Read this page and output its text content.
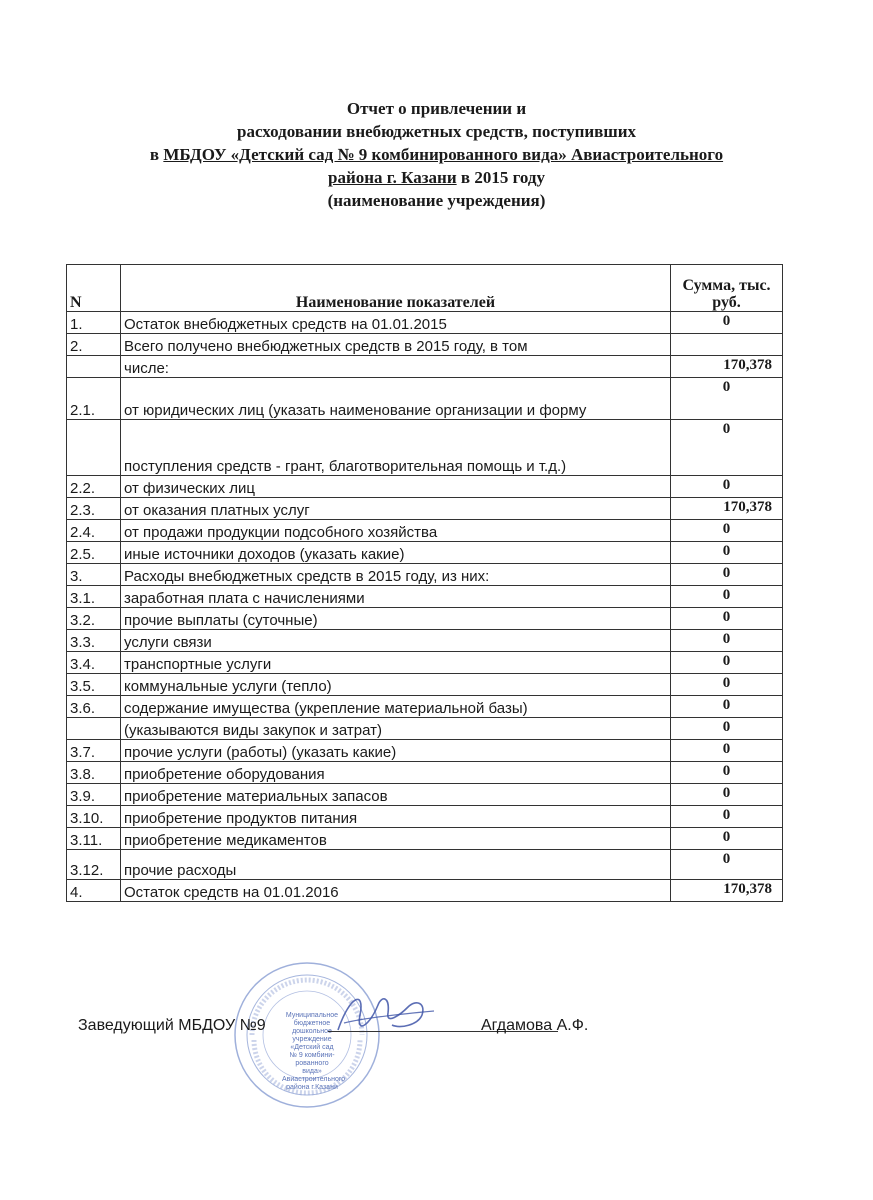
Отчет о привлечении и
расходовании внебюджетных средств, поступивших
в МБДОУ «Детский сад № 9 комбинированного вида» Авиастроительного
района г. Казани в 2015 году
(наименование учреждения)
N	Наименование показателей	Сумма, тыс. руб.
1.	Остаток внебюджетных средств на 01.01.2015	0
2.	Всего получено внебюджетных средств в 2015 году, в том	
	числе:	170,378
2.1.	от юридических лиц (указать наименование организации и форму	0
	поступления средств - грант, благотворительная помощь и т.д.)	0
2.2.	от физических лиц	0
2.3.	от оказания платных услуг	170,378
2.4.	от продажи продукции подсобного хозяйства	0
2.5.	иные источники доходов (указать какие)	0
3.	Расходы внебюджетных средств в 2015 году, из них:	0
3.1.	заработная плата с начислениями	0
3.2.	прочие выплаты (суточные)	0
3.3.	услуги связи	0
3.4.	транспортные услуги	0
3.5.	коммунальные услуги (тепло)	0
3.6.	содержание имущества (укрепление материальной базы)	0
	(указываются виды закупок и затрат)	0
3.7.	прочие услуги (работы) (указать какие)	0
3.8.	приобретение оборудования	0
3.9.	приобретение материальных запасов	0
3.10.	приобретение продуктов питания	0
3.11.	приобретение медикаментов	0
3.12.	прочие расходы	0
4.	Остаток средств на 01.01.2016	170,378
Муниципальное
бюджетное
дошкольное
учреждение
«Детский сад
№ 9 комбини-
рованного
вида» Авиастроительного
района г.Казани
Заведующий МБДОУ №9	Агдамова А.Ф.
